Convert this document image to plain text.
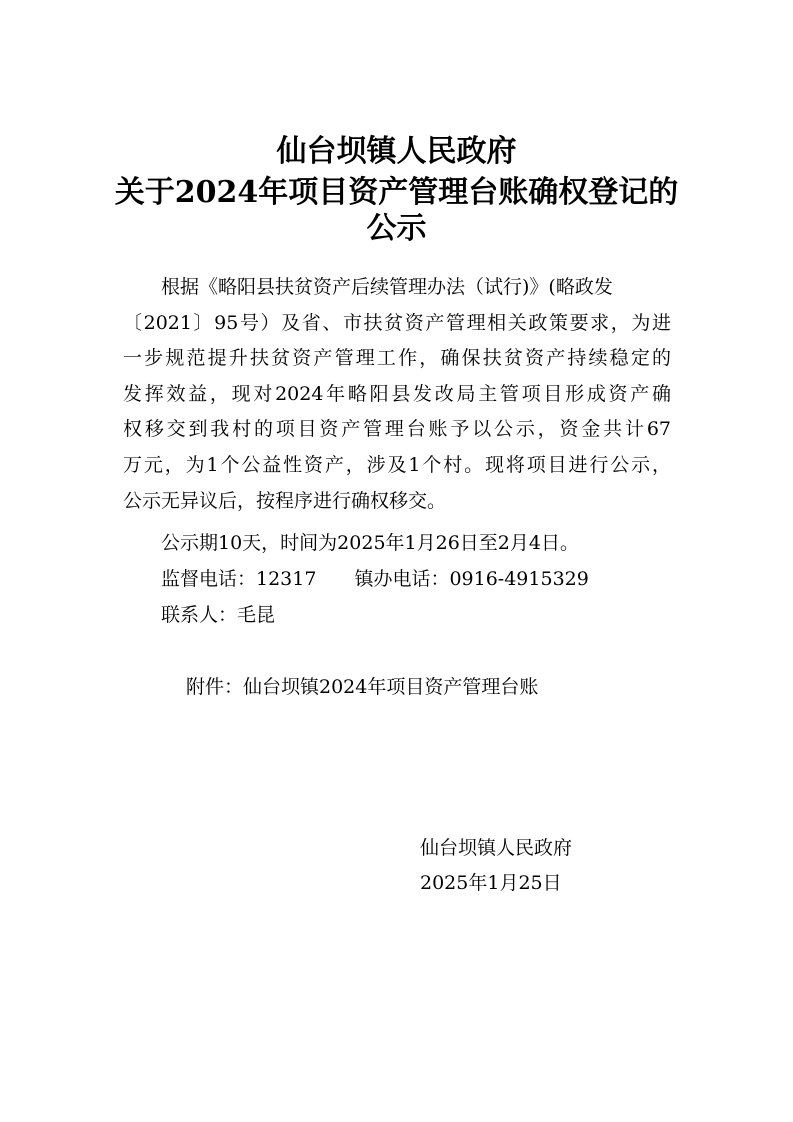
仙台坝镇人民政府
关于2024年项目资产管理台账确权登记的
公示
根据《略阳县扶贫资产后续管理办法（试行)》(略政发
〔2021〕95号）及省、市扶贫资产管理相关政策要求，为进
一步规范提升扶贫资产管理工作，确保扶贫资产持续稳定的
发挥效益，现对2024年略阳县发改局主管项目形成资产确
权移交到我村的项目资产管理台账予以公示，资金共计67
万元，为1个公益性资产，涉及1个村。现将项目进行公示，
公示无异议后，按程序进行确权移交。
公示期10天，时间为2025年1月26日至2月4日。
监督电话：12317　　镇办电话：0916-4915329
联系人：毛昆
附件：仙台坝镇2024年项目资产管理台账
仙台坝镇人民政府
2025年1月25日
